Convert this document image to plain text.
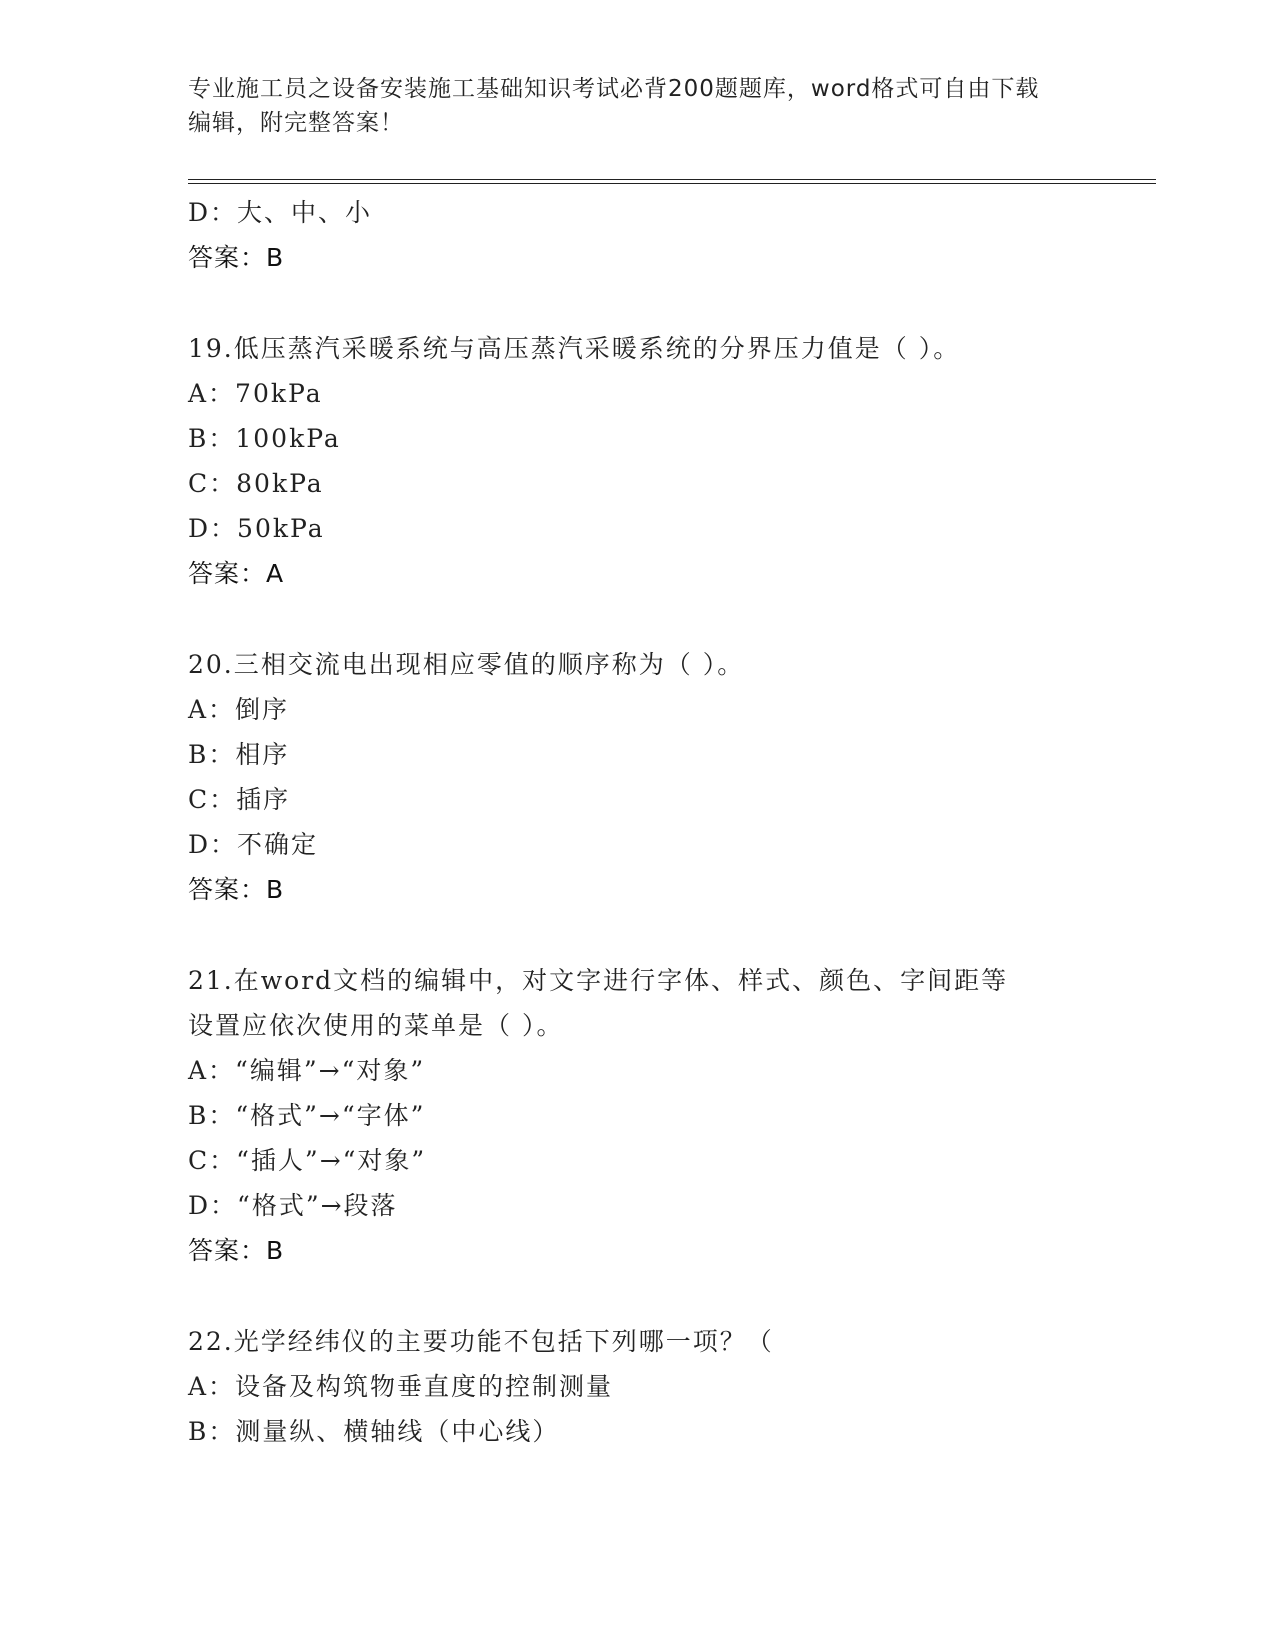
专业施工员之设备安装施工基础知识考试必背200题题库，word格式可自由下载
编辑，附完整答案！
D：大、中、小
答案：B
19.低压蒸汽采暖系统与高压蒸汽采暖系统的分界压力值是（ ）。
A：70kPa
B：100kPa
C：80kPa
D：50kPa
答案：A
20.三相交流电出现相应零值的顺序称为（ ）。
A：倒序
B：相序
C：插序
D：不确定
答案：B
21.在word文档的编辑中，对文字进行字体、样式、颜色、字间距等
设置应依次使用的菜单是（ ）。
A：“编辑”→“对象”
B：“格式”→“字体”
C：“插人”→“对象”
D：“格式”→段落
答案：B
22.光学经纬仪的主要功能不包括下列哪一项？（
A：设备及构筑物垂直度的控制测量
B：测量纵、横轴线（中心线）
